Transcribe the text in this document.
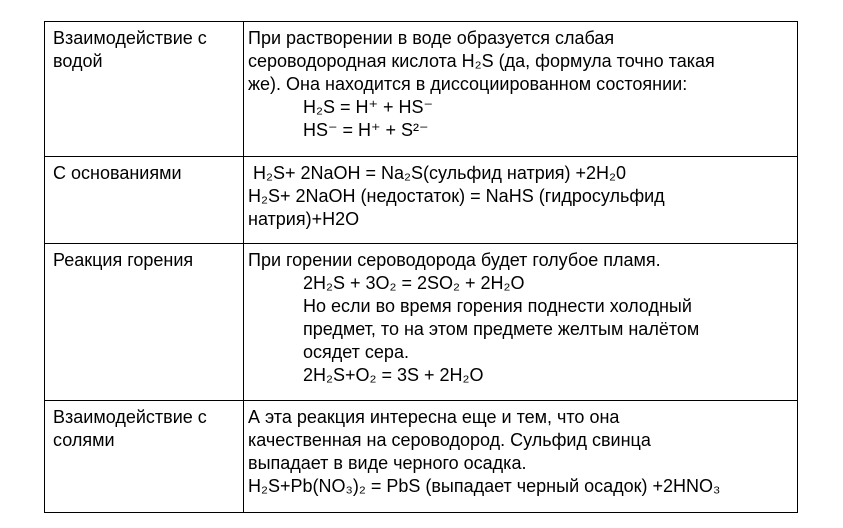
Взаимодействие с водой	При растворении в воде образуется слабая
сероводородная кислота H₂S (да, формула точно такая
же). Она находится в диссоциированном состоянии:
H₂S = H⁺ + HS⁻
HS⁻ = H⁺ + S²⁻

С основаниями	H₂S+ 2NaOH = Na₂S(сульфид натрия) +2H₂0
H₂S+ 2NaOH (недостаток) = NaHS (гидросульфид
натрия)+H2O

Реакция горения	При горении сероводорода будет голубое пламя.
2H₂S + 3O₂ = 2SO₂ + 2H₂O
Но если во время горения поднести холодный
предмет, то на этом предмете желтым налётом
осядет сера.
2H₂S+O₂ = 3S + 2H₂O

Взаимодействие с солями	А эта реакция интересна еще и тем, что она
качественная на сероводород. Сульфид свинца
выпадает в виде черного осадка.
H₂S+Pb(NO₃)₂ = PbS (выпадает черный осадок) +2HNO₃
